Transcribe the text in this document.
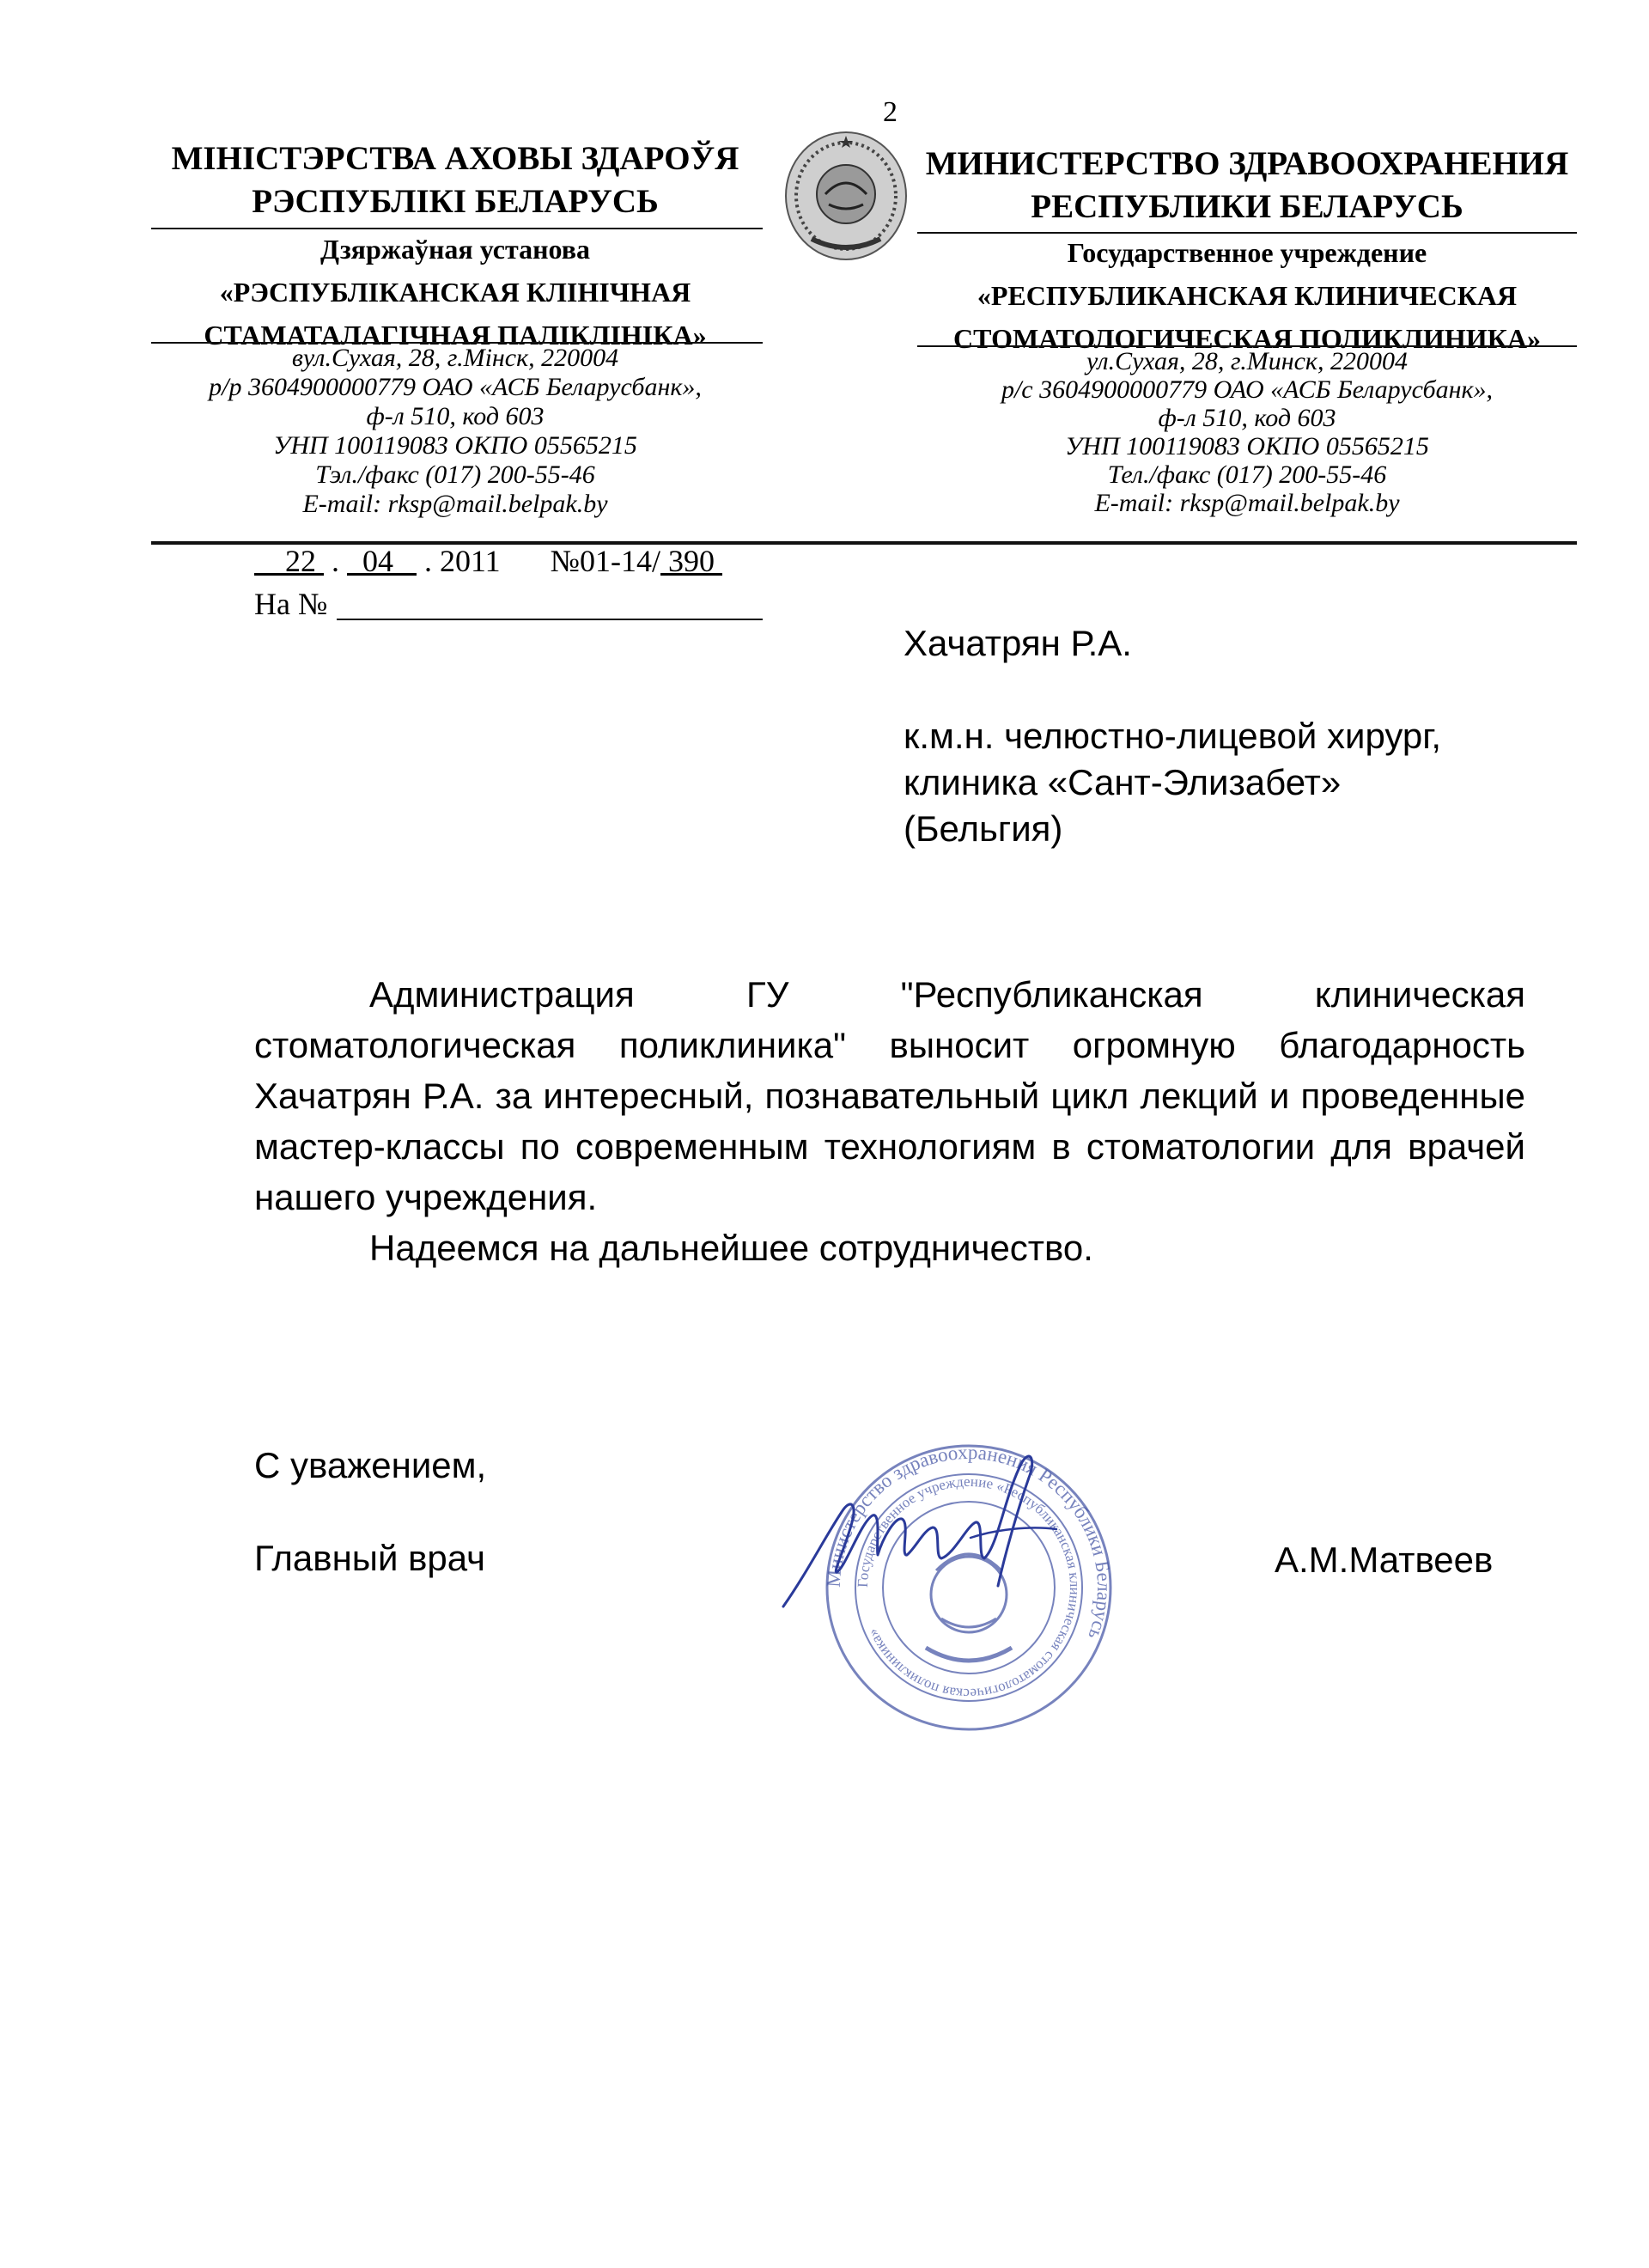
2
МІНІСТЭРСТВА АХОВЫ ЗДАРОЎЯ
РЭСПУБЛІКІ БЕЛАРУСЬ
Дзяржаўная установа
«РЭСПУБЛІКАНСКАЯ КЛІНІЧНАЯ
СТАМАТАЛАГІЧНАЯ ПАЛІКЛІНІКА»
вул.Сухая, 28, г.Мінск, 220004
р/р 3604900000779 ОАО «АСБ Беларусбанк»,
ф-л 510, код 603
УНП 100119083 ОКПО 05565215
Тэл./факс (017) 200-55-46
E-mail: rksp@mail.belpak.by
МИНИСТЕРСТВО ЗДРАВООХРАНЕНИЯ
РЕСПУБЛИКИ БЕЛАРУСЬ
Государственное учреждение
«РЕСПУБЛИКАНСКАЯ КЛИНИЧЕСКАЯ
СТОМАТОЛОГИЧЕСКАЯ ПОЛИКЛИНИКА»
ул.Сухая, 28, г.Минск, 220004
р/с 3604900000779 ОАО «АСБ Беларусбанк»,
ф-л 510, код 603
УНП 100119083 ОКПО 05565215
Тел./факс (017) 200-55-46
E-mail: rksp@mail.belpak.by
22 . 04 . 2011 №01-14/ 390
На №
Хачатрян Р.А.
к.м.н. челюстно-лицевой хирург,
клиника «Сант-Элизабет»
(Бельгия)

Администрация ГУ "Республиканская клиническая стоматологическая поликлиника" выносит огромную благодарность Хачатрян Р.А. за интересный, познавательный цикл лекций и проведенные мастер-классы по современным технологиям в стоматологии для врачей нашего учреждения.

Надеемся на дальнейшее сотрудничество.

С уважением,
Главный врач	А.М.Матвеев
Министерство здравоохранения Республики Беларусь
Государственное учреждение «Республиканская клиническая стоматологическая поликлиника»
